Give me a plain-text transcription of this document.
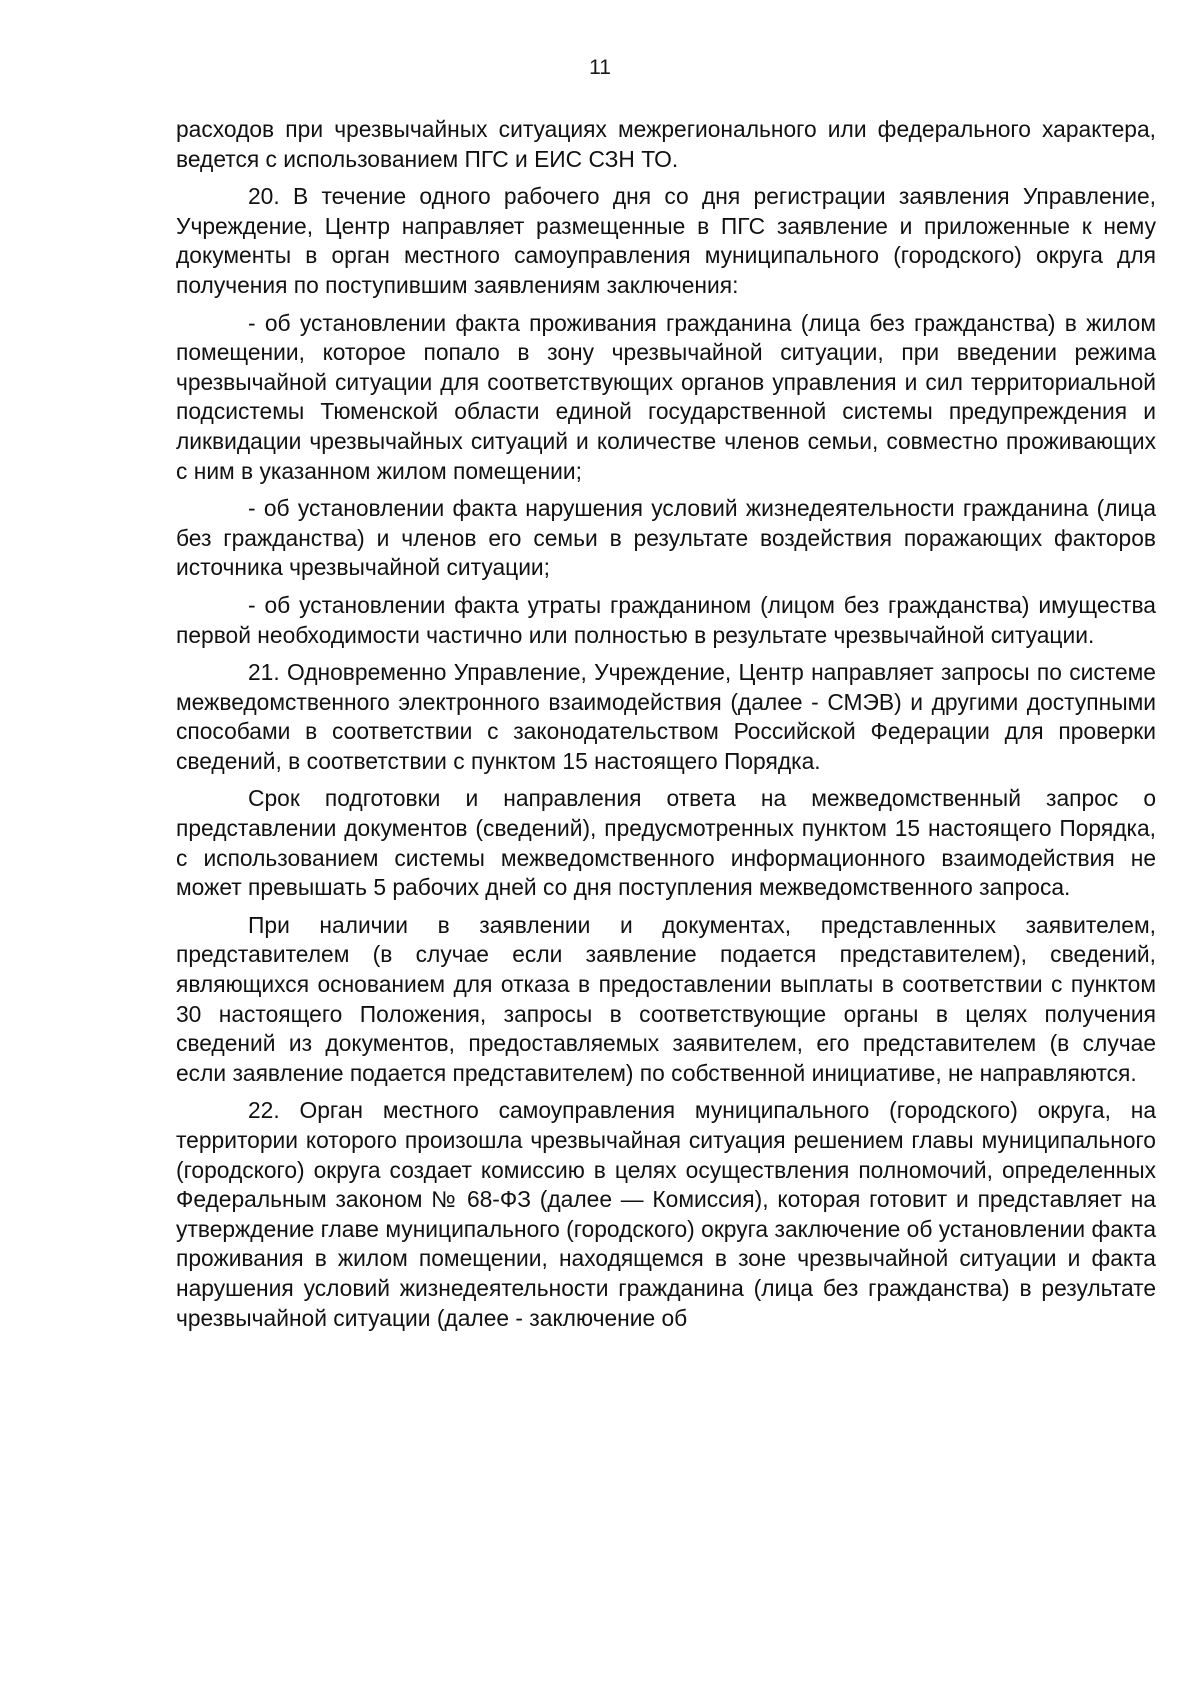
11

расходов при чрезвычайных ситуациях межрегионального или федерального характера, ведется с использованием ПГС и ЕИС СЗН ТО.

20. В течение одного рабочего дня со дня регистрации заявления Управление, Учреждение, Центр направляет размещенные в ПГС заявление и приложенные к нему документы в орган местного самоуправления муниципального (городского) округа для получения по поступившим заявлениям заключения:

- об установлении факта проживания гражданина (лица без гражданства) в жилом помещении, которое попало в зону чрезвычайной ситуации, при введении режима чрезвычайной ситуации для соответствующих органов управления и сил территориальной подсистемы Тюменской области единой государственной системы предупреждения и ликвидации чрезвычайных ситуаций и количестве членов семьи, совместно проживающих с ним в указанном жилом помещении;

- об установлении факта нарушения условий жизнедеятельности гражданина (лица без гражданства) и членов его семьи в результате воздействия поражающих факторов источника чрезвычайной ситуации;

- об установлении факта утраты гражданином (лицом без гражданства) имущества первой необходимости частично или полностью в результате чрезвычайной ситуации.

21. Одновременно Управление, Учреждение, Центр направляет запросы по системе межведомственного электронного взаимодействия (далее - СМЭВ) и другими доступными способами в соответствии с законодательством Российской Федерации для проверки сведений, в соответствии с пунктом 15 настоящего Порядка.

Срок подготовки и направления ответа на межведомственный запрос о представлении документов (сведений), предусмотренных пунктом 15 настоящего Порядка, с использованием системы межведомственного информационного взаимодействия не может превышать 5 рабочих дней со дня поступления межведомственного запроса.

При наличии в заявлении и документах, представленных заявителем, представителем (в случае если заявление подается представителем), сведений, являющихся основанием для отказа в предоставлении выплаты в соответствии с пунктом 30 настоящего Положения, запросы в соответствующие органы в целях получения сведений из документов, предоставляемых заявителем, его представителем (в случае если заявление подается представителем) по собственной инициативе, не направляются.

22. Орган местного самоуправления муниципального (городского) округа, на территории которого произошла чрезвычайная ситуация решением главы муниципального (городского) округа создает комиссию в целях осуществления полномочий, определенных Федеральным законом № 68-ФЗ (далее — Комиссия), которая готовит и представляет на утверждение главе муниципального (городского) округа заключение об установлении факта проживания в жилом помещении, находящемся в зоне чрезвычайной ситуации и факта нарушения условий жизнедеятельности гражданина (лица без гражданства) в результате чрезвычайной ситуации (далее - заключение об
